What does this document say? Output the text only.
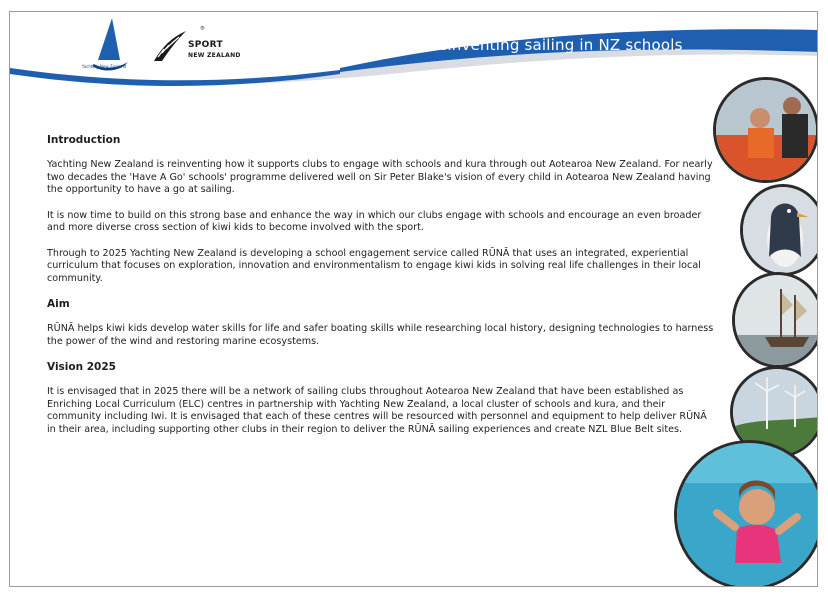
Reinventing sailing in NZ schools
Yachting New Zealand
®
SPORT
NEW ZEALAND
Introduction
Yachting New Zealand is reinventing how it supports clubs to engage with schools and kura through out Aotearoa New Zealand. For nearly two decades the 'Have A Go' schools' programme delivered well on Sir Peter Blake's vision of every child in Aotearoa New Zealand having the opportunity to have a go at sailing.
It is now time to build on this strong base and enhance the way in which our clubs engage with schools and encourage an even broader and more diverse cross section of kiwi kids to become involved with the sport.
Through to 2025 Yachting New Zealand is developing a school engagement service called RŪNĀ that uses an integrated, experiential curriculum that focuses on exploration, innovation and environmentalism to engage kiwi kids in solving real life challenges in their local community.
Aim
RŪNĀ helps kiwi kids develop water skills for life and safer boating skills while researching local history, designing technologies to harness the power of the wind and restoring marine ecosystems.
Vision 2025
It is envisaged that in 2025 there will be a network of sailing clubs throughout Aotearoa New Zealand that have been established as Enriching Local Curriculum (ELC) centres in partnership with Yachting New Zealand, a local cluster of schools and kura, and their community including Iwi. It is envisaged that each of these centres will be resourced with personnel and equipment to help deliver RŪNĀ in their area, including supporting other clubs in their region to deliver the RŪNĀ sailing experiences and create NZL Blue Belt sites.
